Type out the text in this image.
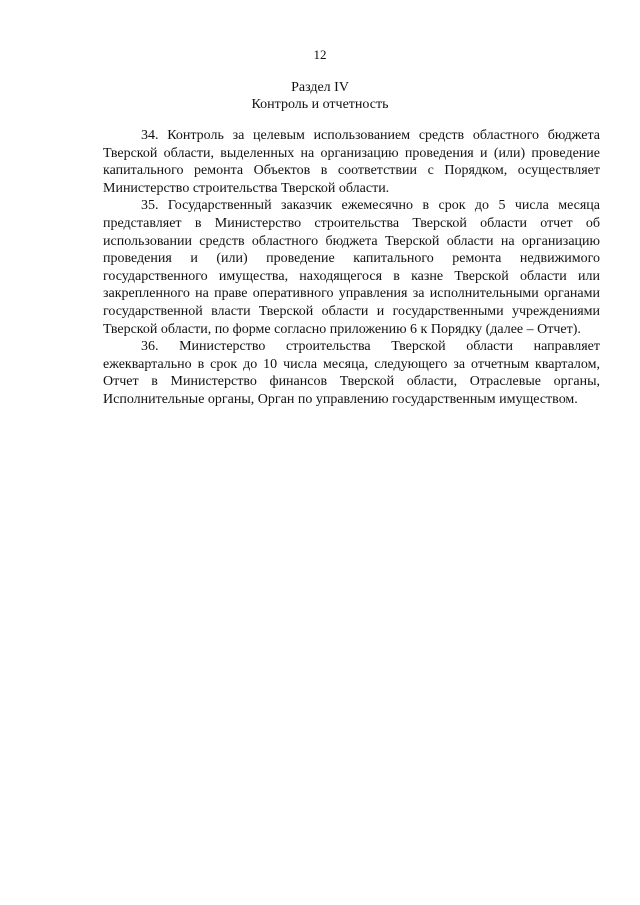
12
Раздел IV
Контроль и отчетность

34. Контроль за целевым использованием средств областного бюджета Тверской области, выделенных на организацию проведения и (или) проведение капитального ремонта Объектов в соответствии с Порядком, осуществляет Министерство строительства Тверской области.

35. Государственный заказчик ежемесячно в срок до 5 числа месяца представляет в Министерство строительства Тверской области отчет об использовании средств областного бюджета Тверской области на организацию проведения и (или) проведение капитального ремонта недвижимого государственного имущества, находящегося в казне Тверской области или закрепленного на праве оперативного управления за исполнительными органами государственной власти Тверской области и государственными учреждениями Тверской области, по форме согласно приложению 6 к Порядку (далее – Отчет).

36. Министерство строительства Тверской области направляет ежеквартально в срок до 10 числа месяца, следующего за отчетным кварталом, Отчет в Министерство финансов Тверской области, Отраслевые органы, Исполнительные органы, Орган по управлению государственным имуществом.
